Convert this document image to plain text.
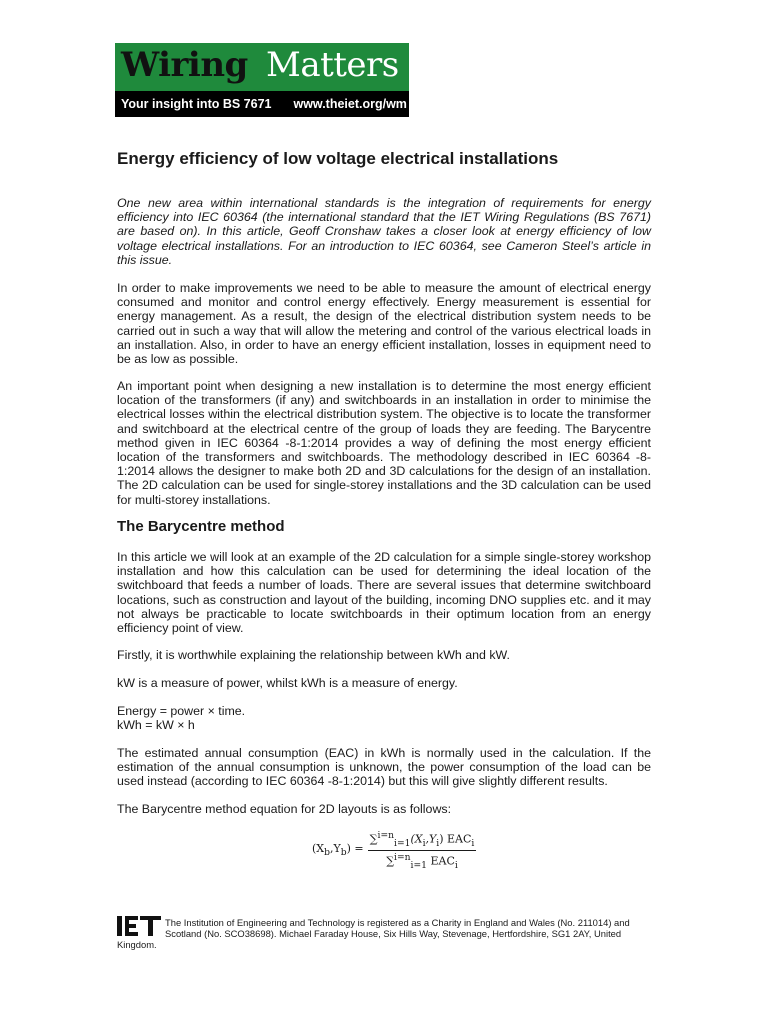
Wiring Matters
Your insight into BS 7671 www.theiet.org/wm
Energy efficiency of low voltage electrical installations

One new area within international standards is the integration of requirements for energy efficiency into IEC 60364 (the international standard that the IET Wiring Regulations (BS 7671) are based on). In this article, Geoff Cronshaw takes a closer look at energy efficiency of low voltage electrical installations. For an introduction to IEC 60364, see Cameron Steel’s article in this issue.

In order to make improvements we need to be able to measure the amount of electrical energy consumed and monitor and control energy effectively. Energy measurement is essential for energy management. As a result, the design of the electrical distribution system needs to be carried out in such a way that will allow the metering and control of the various electrical loads in an installation. Also, in order to have an energy efficient installation, losses in equipment need to be as low as possible.

An important point when designing a new installation is to determine the most energy efficient location of the transformers (if any) and switchboards in an installation in order to minimise the electrical losses within the electrical distribution system. The objective is to locate the transformer and switchboard at the electrical centre of the group of loads they are feeding. The Barycentre method given in IEC 60364 -8-1:2014 provides a way of defining the most energy efficient location of the transformers and switchboards. The methodology described in IEC 60364 -8-1:2014 allows the designer to make both 2D and 3D calculations for the design of an installation. The 2D calculation can be used for single-storey installations and the 3D calculation can be used for multi-storey installations.

The Barycentre method

In this article we will look at an example of the 2D calculation for a simple single-storey workshop installation and how this calculation can be used for determining the ideal location of the switchboard that feeds a number of loads. There are several issues that determine switchboard locations, such as construction and layout of the building, incoming DNO supplies etc. and it may not always be practicable to locate switchboards in their optimum location from an energy efficiency point of view.

Firstly, it is worthwhile explaining the relationship between kWh and kW.

kW is a measure of power, whilst kWh is a measure of energy.

Energy = power × time.
kWh = kW × h

The estimated annual consumption (EAC) in kWh is normally used in the calculation. If the estimation of the annual consumption is unknown, the power consumption of the load can be used instead (according to IEC 60364 -8-1:2014) but this will give slightly different results.

The Barycentre method equation for 2D layouts is as follows:

$(X_b,Y_b) = \frac{\sum^{i=n}_{i=1}(X_i,Y_i) EAC_i}{\sum^{i=n}_{i=1} EAC_i}$
The Institution of Engineering and Technology is registered as a Charity in England and Wales (No. 211014) and Scotland (No. SCO38698). Michael Faraday House, Six Hills Way, Stevenage, Hertfordshire, SG1 2AY, United Kingdom.
